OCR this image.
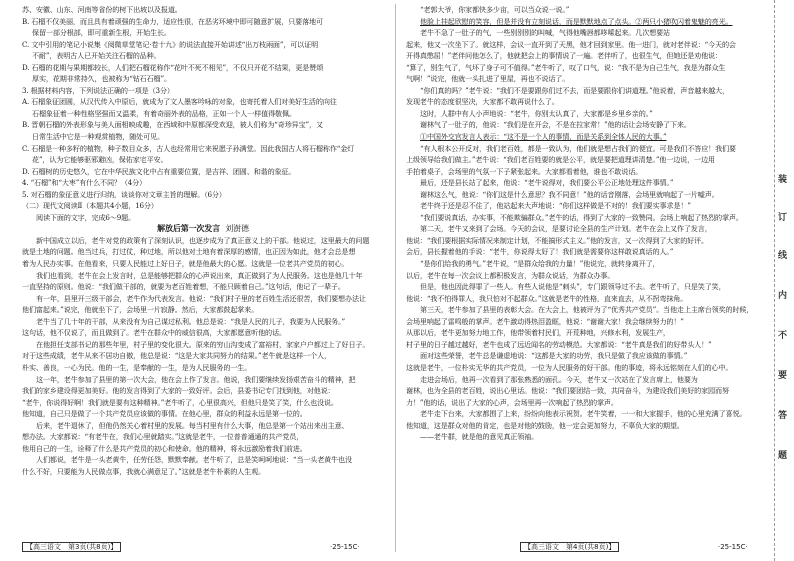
苏、安徽、山东、河南等省份的树下出坡以及报道。
B. 石榴不仅美丽，而且具有着顽强的生命力，适应性很，在恶劣环境中即可随意扩展，只要落地可
保留一部分根部，即可重新生根，开始生长。
C. 文中引用的笔记小说集《阅微草堂笔记·卷十九》的说法直接开始讲述“出万枝兩面”，可以证明
不耐”，表明古人已开始关注石榴的品种。
D. 石榴的花期与果期都较长，人们把石榴花称作“花叶不死不相见”，不仅只开花不结果，更是赞颂
厚实，花期非常持久，也被称为“钻石石榴”。
3. 根据材料内容，下列说法正确的一项是（3分）
A. 石榴象征团圆，从汉代传入中原后，就成为了文人墨客吟咏的对象，也寄托着人们对美好生活的向往
石榴象征着一种性格坚强而又温柔，有着奇丽外表的品格，正如一个人一样值得敬佩。
B. 晋朝石榴的外表形象与美人面相映成趣，在西域和中原都深受欢迎，被人们称为“奇珍异宝”，又
日常生活中它是一种观赏植物，随处可见。
C. 石榴是一种多籽的植物，种子数目众多，古人也经常用它来祝愿子孙满堂。因此我国古人将石榴称作“金灯
花”，认为它能够驱邪避凶，保佑家宅平安。
D. 石榴树的历史悠久，它在中华民族文化中占有重要位置，是吉祥、团圆、和谐的象征。
4. “石榴”和“大枣”有什么不同？（4分）
5. 对石榴的象征意义进行归纳，谈谈你对文章主旨的理解。（6分）
（二）现代文阅读Ⅱ（本题共4小题，16分）
阅读下面的文字，完成6～9题。
解放后第一次发言 刘澍德
新中国成立以后，老牛对党的政策有了深刻认识，也逐步成为了真正意义上的干部。他说过，这里最大的问题
就是土地的问题。他当过兵，打过仗，种过地，所以他对土地有着深厚的感情，也正因为如此，他才会总是想
着为人民办实事。在他看来，只要人民能过上好日子，就是他最大的心愿。这就是一位老共产党员的初心。
我们也看到，老牛在会上发言时，总是能够把群众的心声说出来，真正做到了为人民服务。这也是他几十年
一直坚持的原则。他说：“我们做干部的，就要为老百姓着想，不能只顾着自己。”这句话，他记了一辈子。
有一年，县里开三级干部会，老牛作为代表发言。他说：“我们村子里的老百姓生活还很苦，我们要想办法让
他们富起来。”说完，他就坐下了，会场里一片寂静。然后，大家都鼓起掌来。
老牛当了几十年的干部，从来没有为自己谋过私利。他总是说：“我是人民的儿子，我要为人民服务。”
这句话，他不仅说了，而且做到了。老牛在群众中的威信很高，大家都愿意听他的话。
在他担任支部书记的那些年里，村子里的变化很大。原来的穷山沟变成了富裕村，家家户户都过上了好日子。
对于这些成绩，老牛从来不居功自傲，他总是说：“这是大家共同努力的结果。”老牛就是这样一个人，
朴实、善良，一心为民。他的一生，是奉献的一生，是为人民服务的一生。
这一年，老牛参加了县里的第一次大会，他在会上作了发言。他说，我们要继续发扬艰苦奋斗的精神，把
我们的家乡建设得更加美好。他的发言得到了大家的一致好评。会后，县委书记专门找到他，对他说：
“老牛，你说得好啊！我们就是要有这种精神。”老牛听了，心里很高兴，但他只是笑了笑，什么也没说。
他知道，自己只是做了一个共产党员应该做的事情。在他心里，群众的利益永远是第一位的。
后来，老牛退休了，但他仍然关心着村里的发展。每当村里有什么大事，他总是第一个站出来出主意、
想办法。大家都说：“有老牛在，我们心里就踏实。”这就是老牛，一位普普通通的共产党员，
他用自己的一生，诠释了什么是共产党员的初心和使命。他的精神，将永远激励着我们前进。
人们都说，老牛是一头老黄牛，任劳任怨，默默奉献。老牛听了，总是笑呵呵地说：“当一头老黄牛也没
什么不好，只要能为人民做点事，我就心满意足了。”这就是老牛朴素的人生观。
“老郭大爷，你家都快多少亩，可以当众说一说。”
他脸上挂起欣慰的笑容，但是并没有立刻说话，而是默默地点了点头。②两只小猪吹闪着鬼魅的亮光。
老牛不急了一肚子的气，一些别别别的叫喊，气得他嘴唇都哆嗦起来。几次想要站
起来，他又一次坐下了。就这样，会议一直开到了天黑，他才回到家里。他一进门，就对老伴说：“今天的会
开得真憋屈！”老伴问他怎么了，他就把会上的事情说了一遍。老伴听了，也很生气，但她还是劝他说：
“算了，别生气了，气坏了身子可不值得。”老牛听了，叹了口气，说：“我不是为自己生气，我是为群众生
气啊！”说完，他就一头扎进了里屋，再也不说话了。
“你们真的吗？”老牛说：“我们不是要跟你们过不去，而是要跟你们讲道理。”他说着，声音越来越大，
发现老牛的态度很坚决，大家都不敢再说什么了。
这时，人群中有人小声地说：“老牛，你别太认真了，大家都是乡里乡亲的。”
谢林气了一肚子的，他说：“我们是在开会，不是在拉家常！”他的话让会场安静了下来。
①中国外交官发言人表示：“这不是一个人的事情，而是关系到全体人民的大事。”
“有人根本公开反对，我们老百姓，都是一致认为，他们就是想占我们的便宜。可是我们不答应！我们要
上级领导给我们做主。”老牛说：“我们老百姓要的就是公平，就是要把道理讲清楚。”他一边说，一边用
手拍着桌子，会场里的气氛一下子紧张起来。大家都看着他，谁也不敢说话。
最后，还是县长站了起来，他说：“老牛说得对，我们要公平公正地处理这件事情。”
谢林这么气，他说：“你们这是什么意思？我不同意！”他的话音刚落，会场里就响起了一片嘘声。
老牛终于还是忍不住了，他站起来大声地说：“你们这样做是不对的！我们要实事求是！”
“我们要说真话，办实事，不能欺骗群众。”老牛的话，得到了大家的一致赞同。会场上响起了热烈的掌声。
第二天，老牛又来到了会场。今天的会议，是要讨论全县的生产计划。老牛在会上又作了发言，
他说：“我们要根据实际情况来制定计划，不能搞形式主义。”他的发言，又一次得到了大家的好评。
会后，县长握着他的手说：“老牛，你说得太好了！我们就是需要你这样敢说真话的人。”
“是你们给我的勇气。”老牛说，“是群众给我的力量！”他说完，就转身离开了，
以后，老牛在每一次会议上都积极发言，为群众说话，为群众办事。
但是，他也因此得罪了一些人。有些人说他是“刺头”，专门跟领导过不去。老牛听了，只是笑了笑，
他说：“我不怕得罪人，我只怕对不起群众。”这就是老牛的性格，直来直去，从不拐弯抹角。
第三天，老牛参加了县里的表彰大会。在大会上，他被评为了“优秀共产党员”。当他走上主席台领奖的时候，
会场里响起了雷鸣般的掌声。老牛激动得热泪盈眶，他说：“谢谢大家！我会继续努力的！”
从那以后，老牛更加努力地工作，他带领着村民们，开荒种地，兴修水利，发展生产，
村子里的日子越过越好，老牛也成了远近闻名的劳动模范。大家都说：“老牛真是我们的好带头人！”
面对这些荣誉，老牛总是谦虚地说：“这都是大家的功劳，我只是做了我应该做的事情。”
这就是老牛，一位朴实无华的共产党员，一位为人民服务的好干部。他的事迹，将永远铭刻在人们的心中。
走进会场后，他再一次看到了那张熟悉的面孔。今天，老牛又一次站在了发言席上，他要为
谢林，也为全县的老百姓，说出心里话。他说：“我们要团结一致，共同奋斗，为建设我们美好的家园而努
力！”他的话，说出了大家的心声，会场里再一次响起了热烈的掌声。
老牛走下台来，大家都围了上来，纷纷向他表示祝贺。老牛笑着，一一和大家握手，他的心里充满了喜悦。
他知道，这是群众对他的肯定，也是对他的鼓励，他一定会更加努力，不辜负大家的期望。
——老牛群，就是他的意见真正领袖。
【高三语文　第3页(共8页)】	·25-15C·	【高三语文　第4页(共8页)】	·25-15C·
装
订
线
内
不
要
答
题
